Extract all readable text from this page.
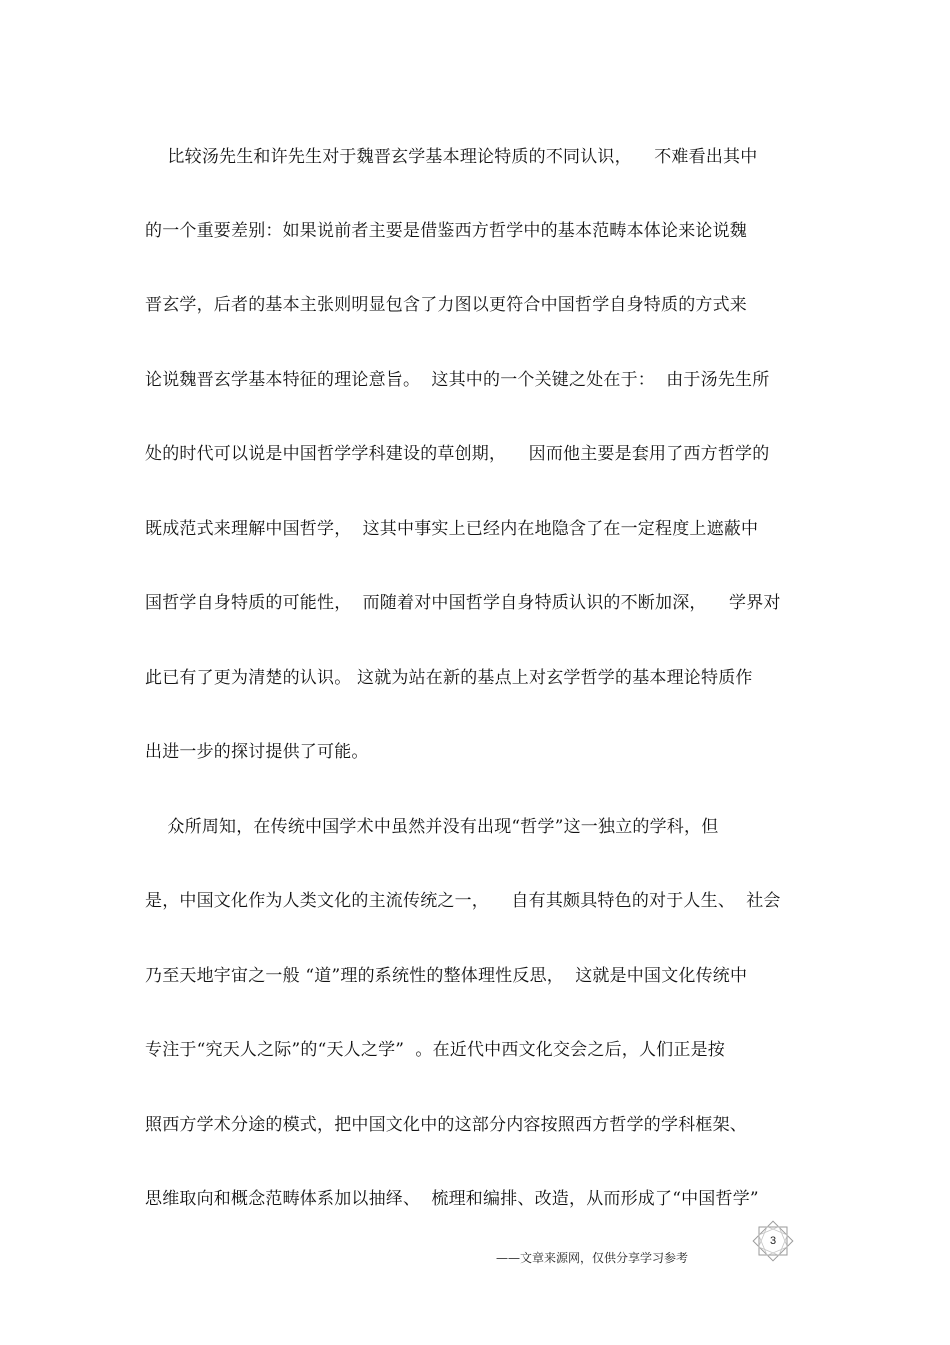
比较汤先生和许先生对于魏晋玄学基本理论特质的不同认识，    不难看出其中
的一个重要差别：如果说前者主要是借鉴西方哲学中的基本范畴本体论来论说魏
晋玄学，后者的基本主张则明显包含了力图以更符合中国哲学自身特质的方式来
论说魏晋玄学基本特征的理论意旨。  这其中的一个关键之处在于：  由于汤先生所
处的时代可以说是中国哲学学科建设的草创期，    因而他主要是套用了西方哲学的
既成范式来理解中国哲学，  这其中事实上已经内在地隐含了在一定程度上遮蔽中
国哲学自身特质的可能性，  而随着对中国哲学自身特质认识的不断加深，    学界对
此已有了更为清楚的认识。 这就为站在新的基点上对玄学哲学的基本理论特质作
出进一步的探讨提供了可能。
众所周知，在传统中国学术中虽然并没有出现“哲学”这一独立的学科，但
是，中国文化作为人类文化的主流传统之一，    自有其颇具特色的对于人生、  社会
乃至天地宇宙之一般 “道”理的系统性的整体理性反思，  这就是中国文化传统中
专注于“究天人之际”的“天人之学”  。在近代中西文化交会之后，人们正是按
照西方学术分途的模式，把中国文化中的这部分内容按照西方哲学的学科框架、
思维取向和概念范畴体系加以抽绎、  梳理和编排、改造，从而形成了“中国哲学”
3
——文章来源网，仅供分享学习参考
